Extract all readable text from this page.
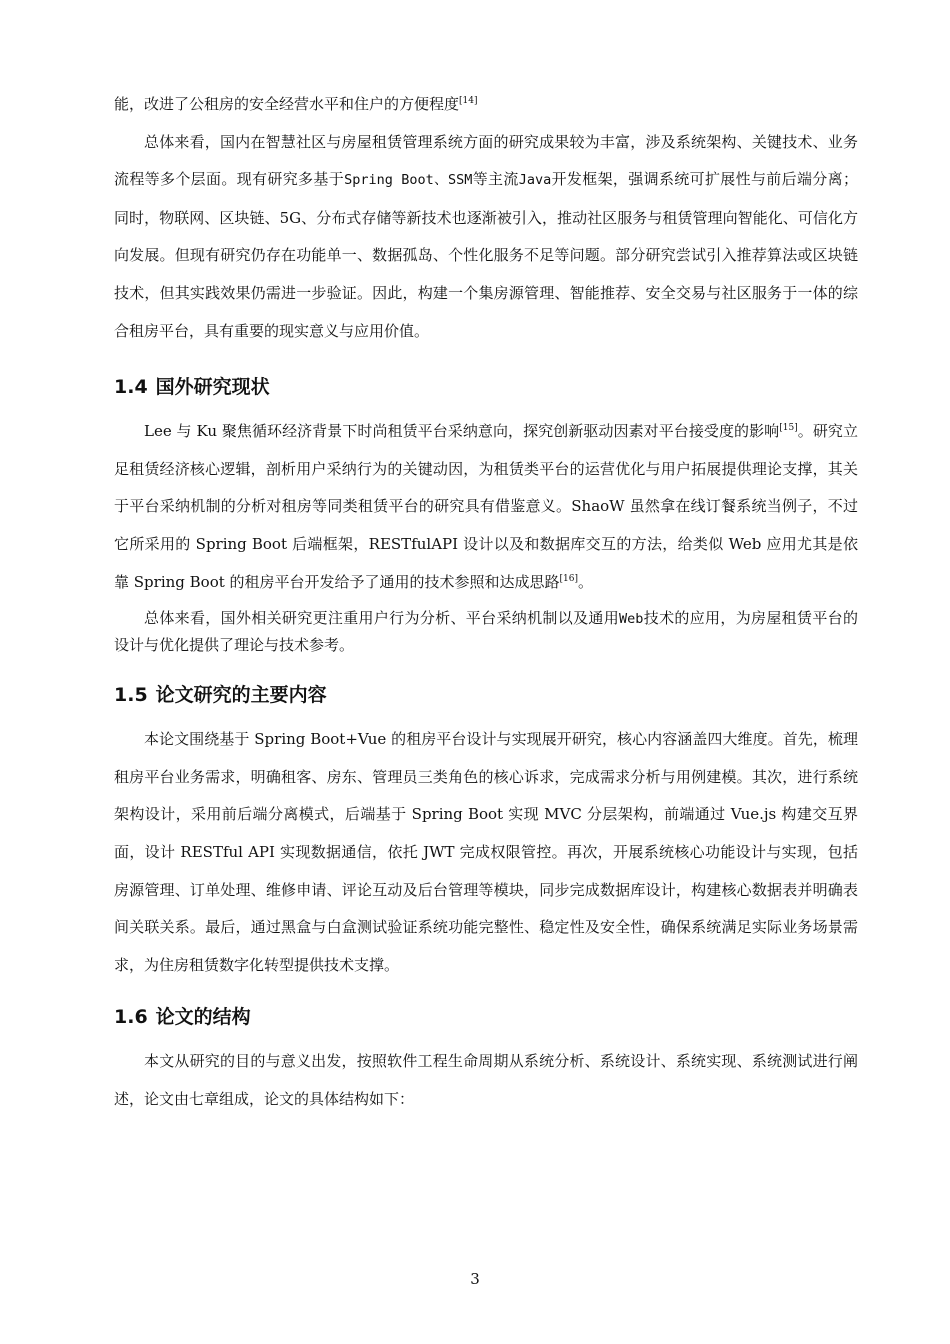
能，改进了公租房的安全经营水平和住户的方便程度[14]

总体来看，国内在智慧社区与房屋租赁管理系统方面的研究成果较为丰富，涉及系统架构、关键技术、业务流程等多个层面。现有研究多基于Spring Boot、SSM等主流Java开发框架，强调系统可扩展性与前后端分离；同时，物联网、区块链、5G、分布式存储等新技术也逐渐被引入，推动社区服务与租赁管理向智能化、可信化方向发展。但现有研究仍存在功能单一、数据孤岛、个性化服务不足等问题。部分研究尝试引入推荐算法或区块链技术，但其实践效果仍需进一步验证。因此，构建一个集房源管理、智能推荐、安全交易与社区服务于一体的综合租房平台，具有重要的现实意义与应用价值。

1.4 国外研究现状

Lee 与 Ku 聚焦循环经济背景下时尚租赁平台采纳意向，探究创新驱动因素对平台接受度的影响[15]。研究立足租赁经济核心逻辑，剖析用户采纳行为的关键动因，为租赁类平台的运营优化与用户拓展提供理论支撑，其关于平台采纳机制的分析对租房等同类租赁平台的研究具有借鉴意义。ShaoW 虽然拿在线订餐系统当例子，不过它所采用的 Spring Boot 后端框架，RESTfulAPI 设计以及和数据库交互的方法，给类似 Web 应用尤其是依靠 Spring Boot 的租房平台开发给予了通用的技术参照和达成思路[16]。

总体来看，国外相关研究更注重用户行为分析、平台采纳机制以及通用Web技术的应用，为房屋租赁平台的设计与优化提供了理论与技术参考。

1.5 论文研究的主要内容

本论文围绕基于 Spring Boot+Vue 的租房平台设计与实现展开研究，核心内容涵盖四大维度。首先，梳理租房平台业务需求，明确租客、房东、管理员三类角色的核心诉求，完成需求分析与用例建模。其次，进行系统架构设计，采用前后端分离模式，后端基于 Spring Boot 实现 MVC 分层架构，前端通过 Vue.js 构建交互界面，设计 RESTful API 实现数据通信，依托 JWT 完成权限管控。再次，开展系统核心功能设计与实现，包括房源管理、订单处理、维修申请、评论互动及后台管理等模块，同步完成数据库设计，构建核心数据表并明确表间关联关系。最后，通过黑盒与白盒测试验证系统功能完整性、稳定性及安全性，确保系统满足实际业务场景需求，为住房租赁数字化转型提供技术支撑。

1.6 论文的结构

本文从研究的目的与意义出发，按照软件工程生命周期从系统分析、系统设计、系统实现、系统测试进行阐述，论文由七章组成，论文的具体结构如下：

3
